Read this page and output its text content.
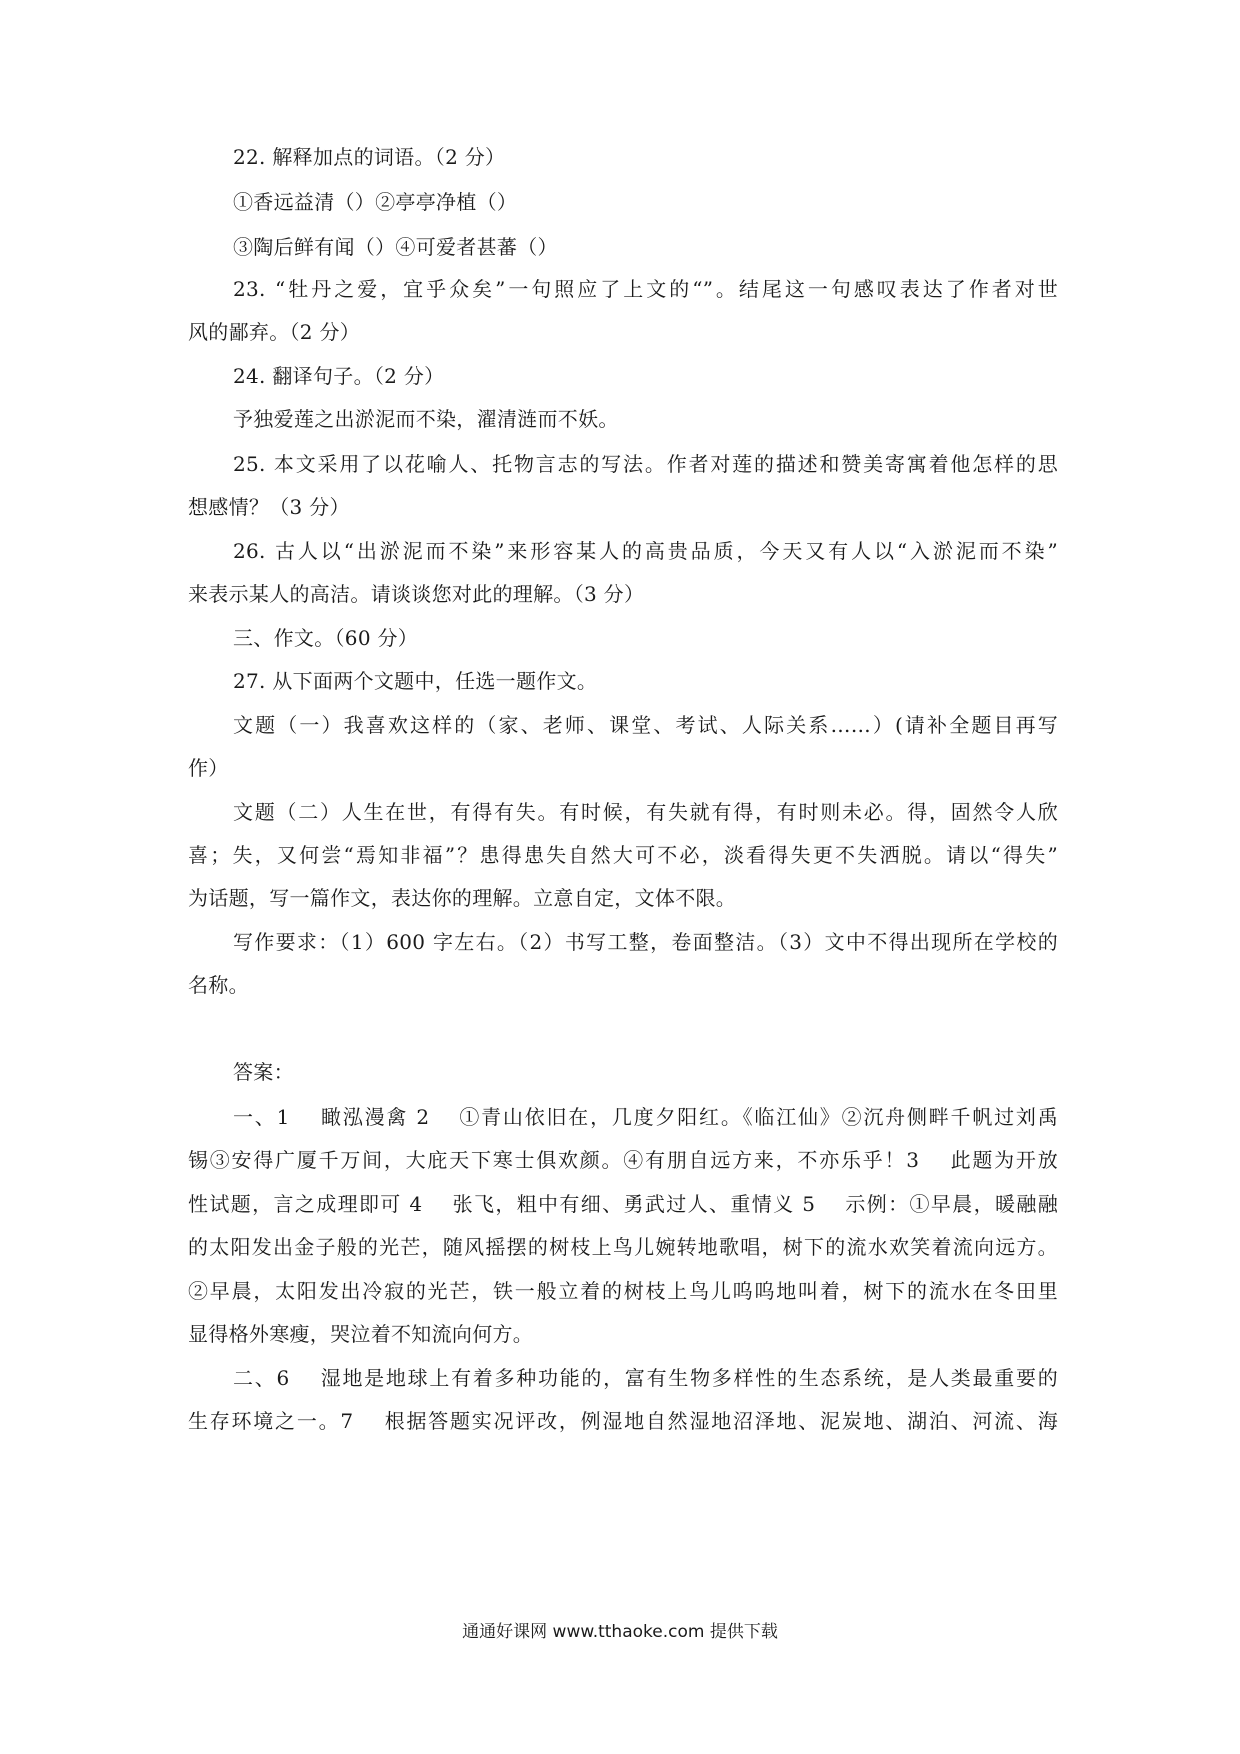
22. 解释加点的词语。（2 分）
①香远益清（）②亭亭净植（）
③陶后鲜有闻（）④可爱者甚蕃（）
23. “牡丹之爱，宜乎众矣”一句照应了上文的“”。结尾这一句感叹表达了作者对世
风的鄙弃。（2 分）
24. 翻译句子。（2 分）
予独爱莲之出淤泥而不染，濯清涟而不妖。
25. 本文采用了以花喻人、托物言志的写法。作者对莲的描述和赞美寄寓着他怎样的思
想感情？（3 分）
26. 古人以“出淤泥而不染”来形容某人的高贵品质，今天又有人以“入淤泥而不染”
来表示某人的高洁。请谈谈您对此的理解。（3 分）
三、作文。（60 分）
27. 从下面两个文题中，任选一题作文。
文题（一）我喜欢这样的（家、老师、课堂、考试、人际关系……）(请补全题目再写
作）
文题（二）人生在世，有得有失。有时候，有失就有得，有时则未必。得，固然令人欣
喜；失，又何尝“焉知非福”？患得患失自然大可不必，淡看得失更不失洒脱。请以“得失”
为话题，写一篇作文，表达你的理解。立意自定，文体不限。
写作要求：（1）600 字左右。（2）书写工整，卷面整洁。（3）文中不得出现所在学校的
名称。
答案：
一、1　 瞰泓漫禽 2 　①青山依旧在，几度夕阳红。《临江仙》②沉舟侧畔千帆过刘禹
锡③安得广厦千万间，大庇天下寒士俱欢颜。④有朋自远方来，不亦乐乎！3　 此题为开放
性试题，言之成理即可 4　 张飞，粗中有细、勇武过人、重情义 5　 示例：①早晨，暖融融
的太阳发出金子般的光芒，随风摇摆的树枝上鸟儿婉转地歌唱，树下的流水欢笑着流向远方。
②早晨，太阳发出冷寂的光芒，铁一般立着的树枝上鸟儿呜呜地叫着，树下的流水在冬田里
显得格外寒瘦，哭泣着不知流向何方。
二、6　 湿地是地球上有着多种功能的，富有生物多样性的生态系统，是人类最重要的
生存环境之一。7　 根据答题实况评改，例湿地自然湿地沼泽地、泥炭地、湖泊、河流、海
通通好课网 www.tthaoke.com 提供下载
